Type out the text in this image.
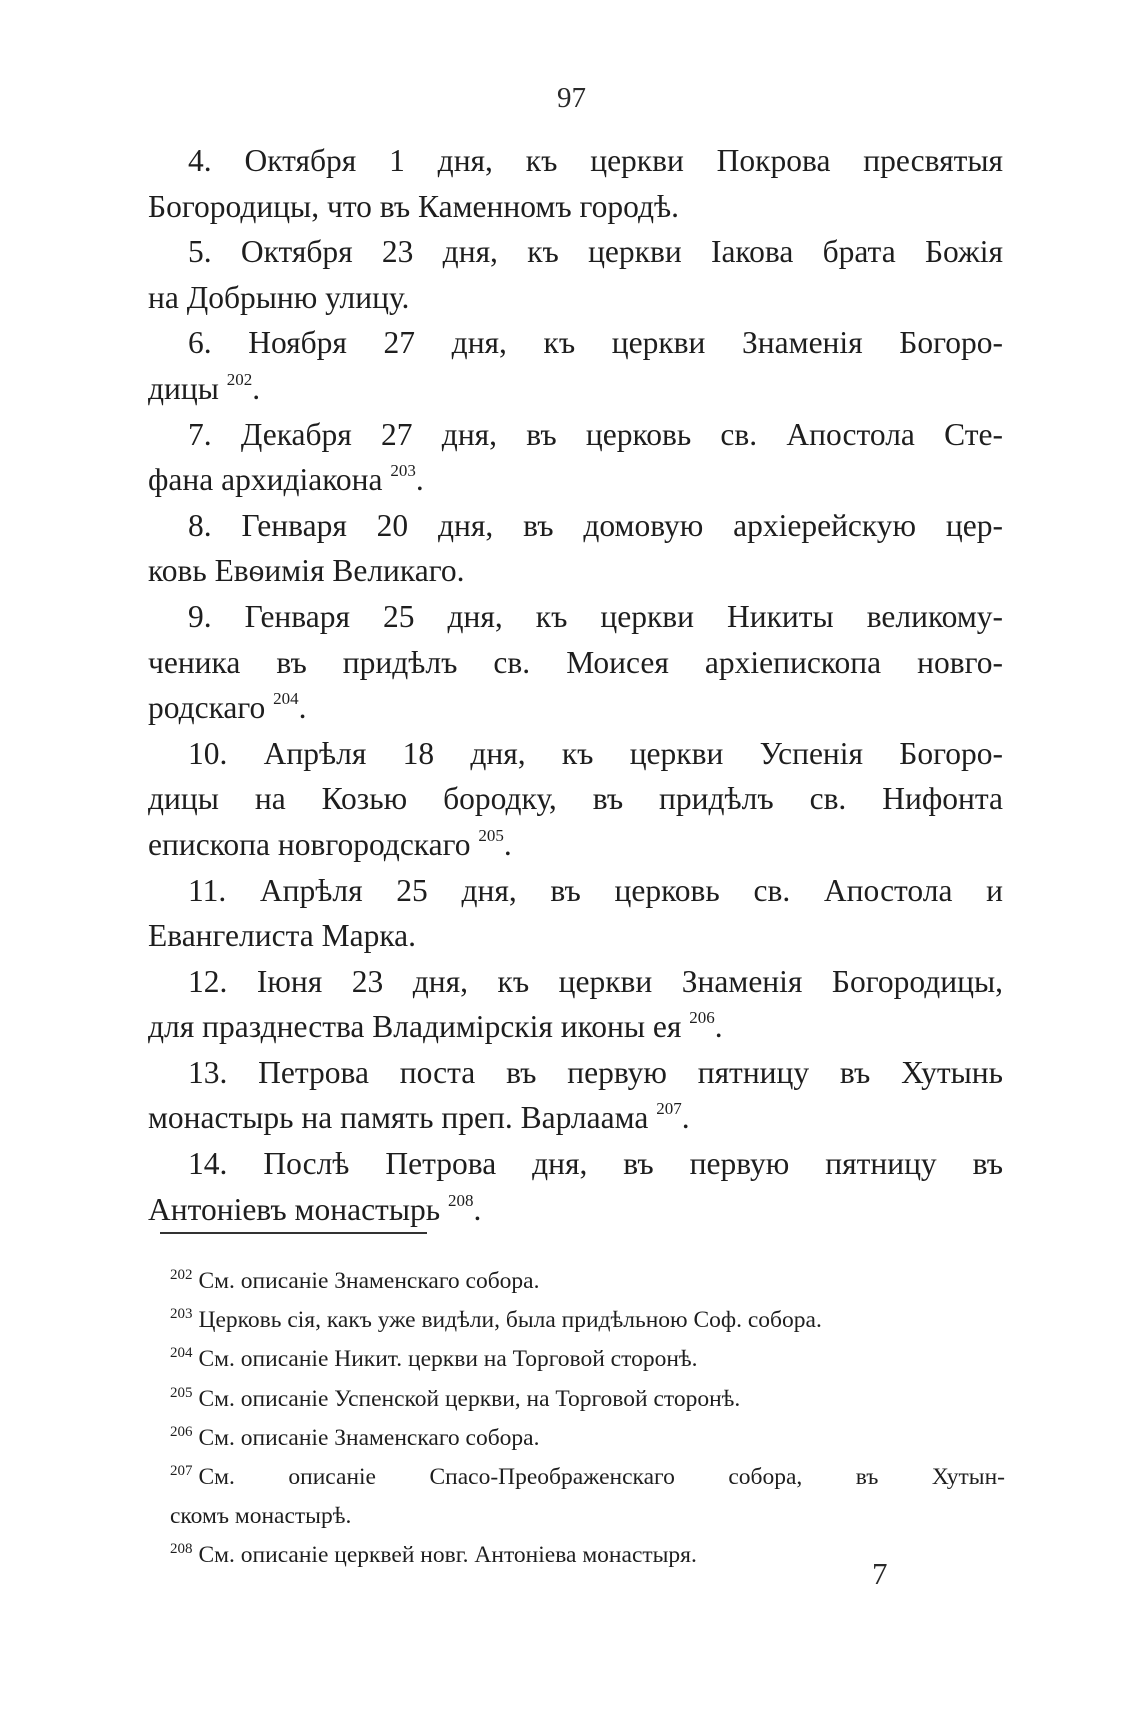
97
4. Октября 1 дня, къ церкви Покрова пресвятыя
Богородицы, что въ Каменномъ городѣ.
5. Октября 23 дня, къ церкви Іакова брата Божія
на Добрыню улицу.
6. Ноября 27 дня, къ церкви Знаменія Богоро-
дицы $^{202}$.
7. Декабря 27 дня, въ церковь св. Апостола Сте-
фана архидіакона $^{203}$.
8. Генваря 20 дня, въ домовую архіерейскую цер-
ковь Евѳимія Великаго.
9. Генваря 25 дня, къ церкви Никиты великому-
ченика въ придѣлъ св. Моисея архіепископа новго-
родскаго $^{204}$.
10. Апрѣля 18 дня, къ церкви Успенія Богоро-
дицы на Козью бородку, въ придѣлъ св. Нифонта
епископа новгородскаго $^{205}$.
11. Апрѣля 25 дня, въ церковь св. Апостола и
Евангелиста Марка.
12. Іюня 23 дня, къ церкви Знаменія Богородицы,
для празднества Владимірскія иконы ея $^{206}$.
13. Петрова поста въ первую пятницу въ Хутынь
монастырь на память преп. Варлаама $^{207}$.
14. Послѣ Петрова дня, въ первую пятницу въ
Антоніевъ монастырь $^{208}$.
$^{202}$ См. описаніе Знаменскаго собора.
$^{203}$ Церковь сія, какъ уже видѣли, была придѣльною Соф. собора.
$^{204}$ См. описаніе Никит. церкви на Торговой сторонѣ.
$^{205}$ См. описаніе Успенской церкви, на Торговой сторонѣ.
$^{206}$ См. описаніе Знаменскаго собора.
$^{207}$ См. описаніе Спасо-Преображенскаго собора, въ Хутын-
скомъ монастырѣ.
$^{208}$ См. описаніе церквей новг. Антоніева монастыря.
7
